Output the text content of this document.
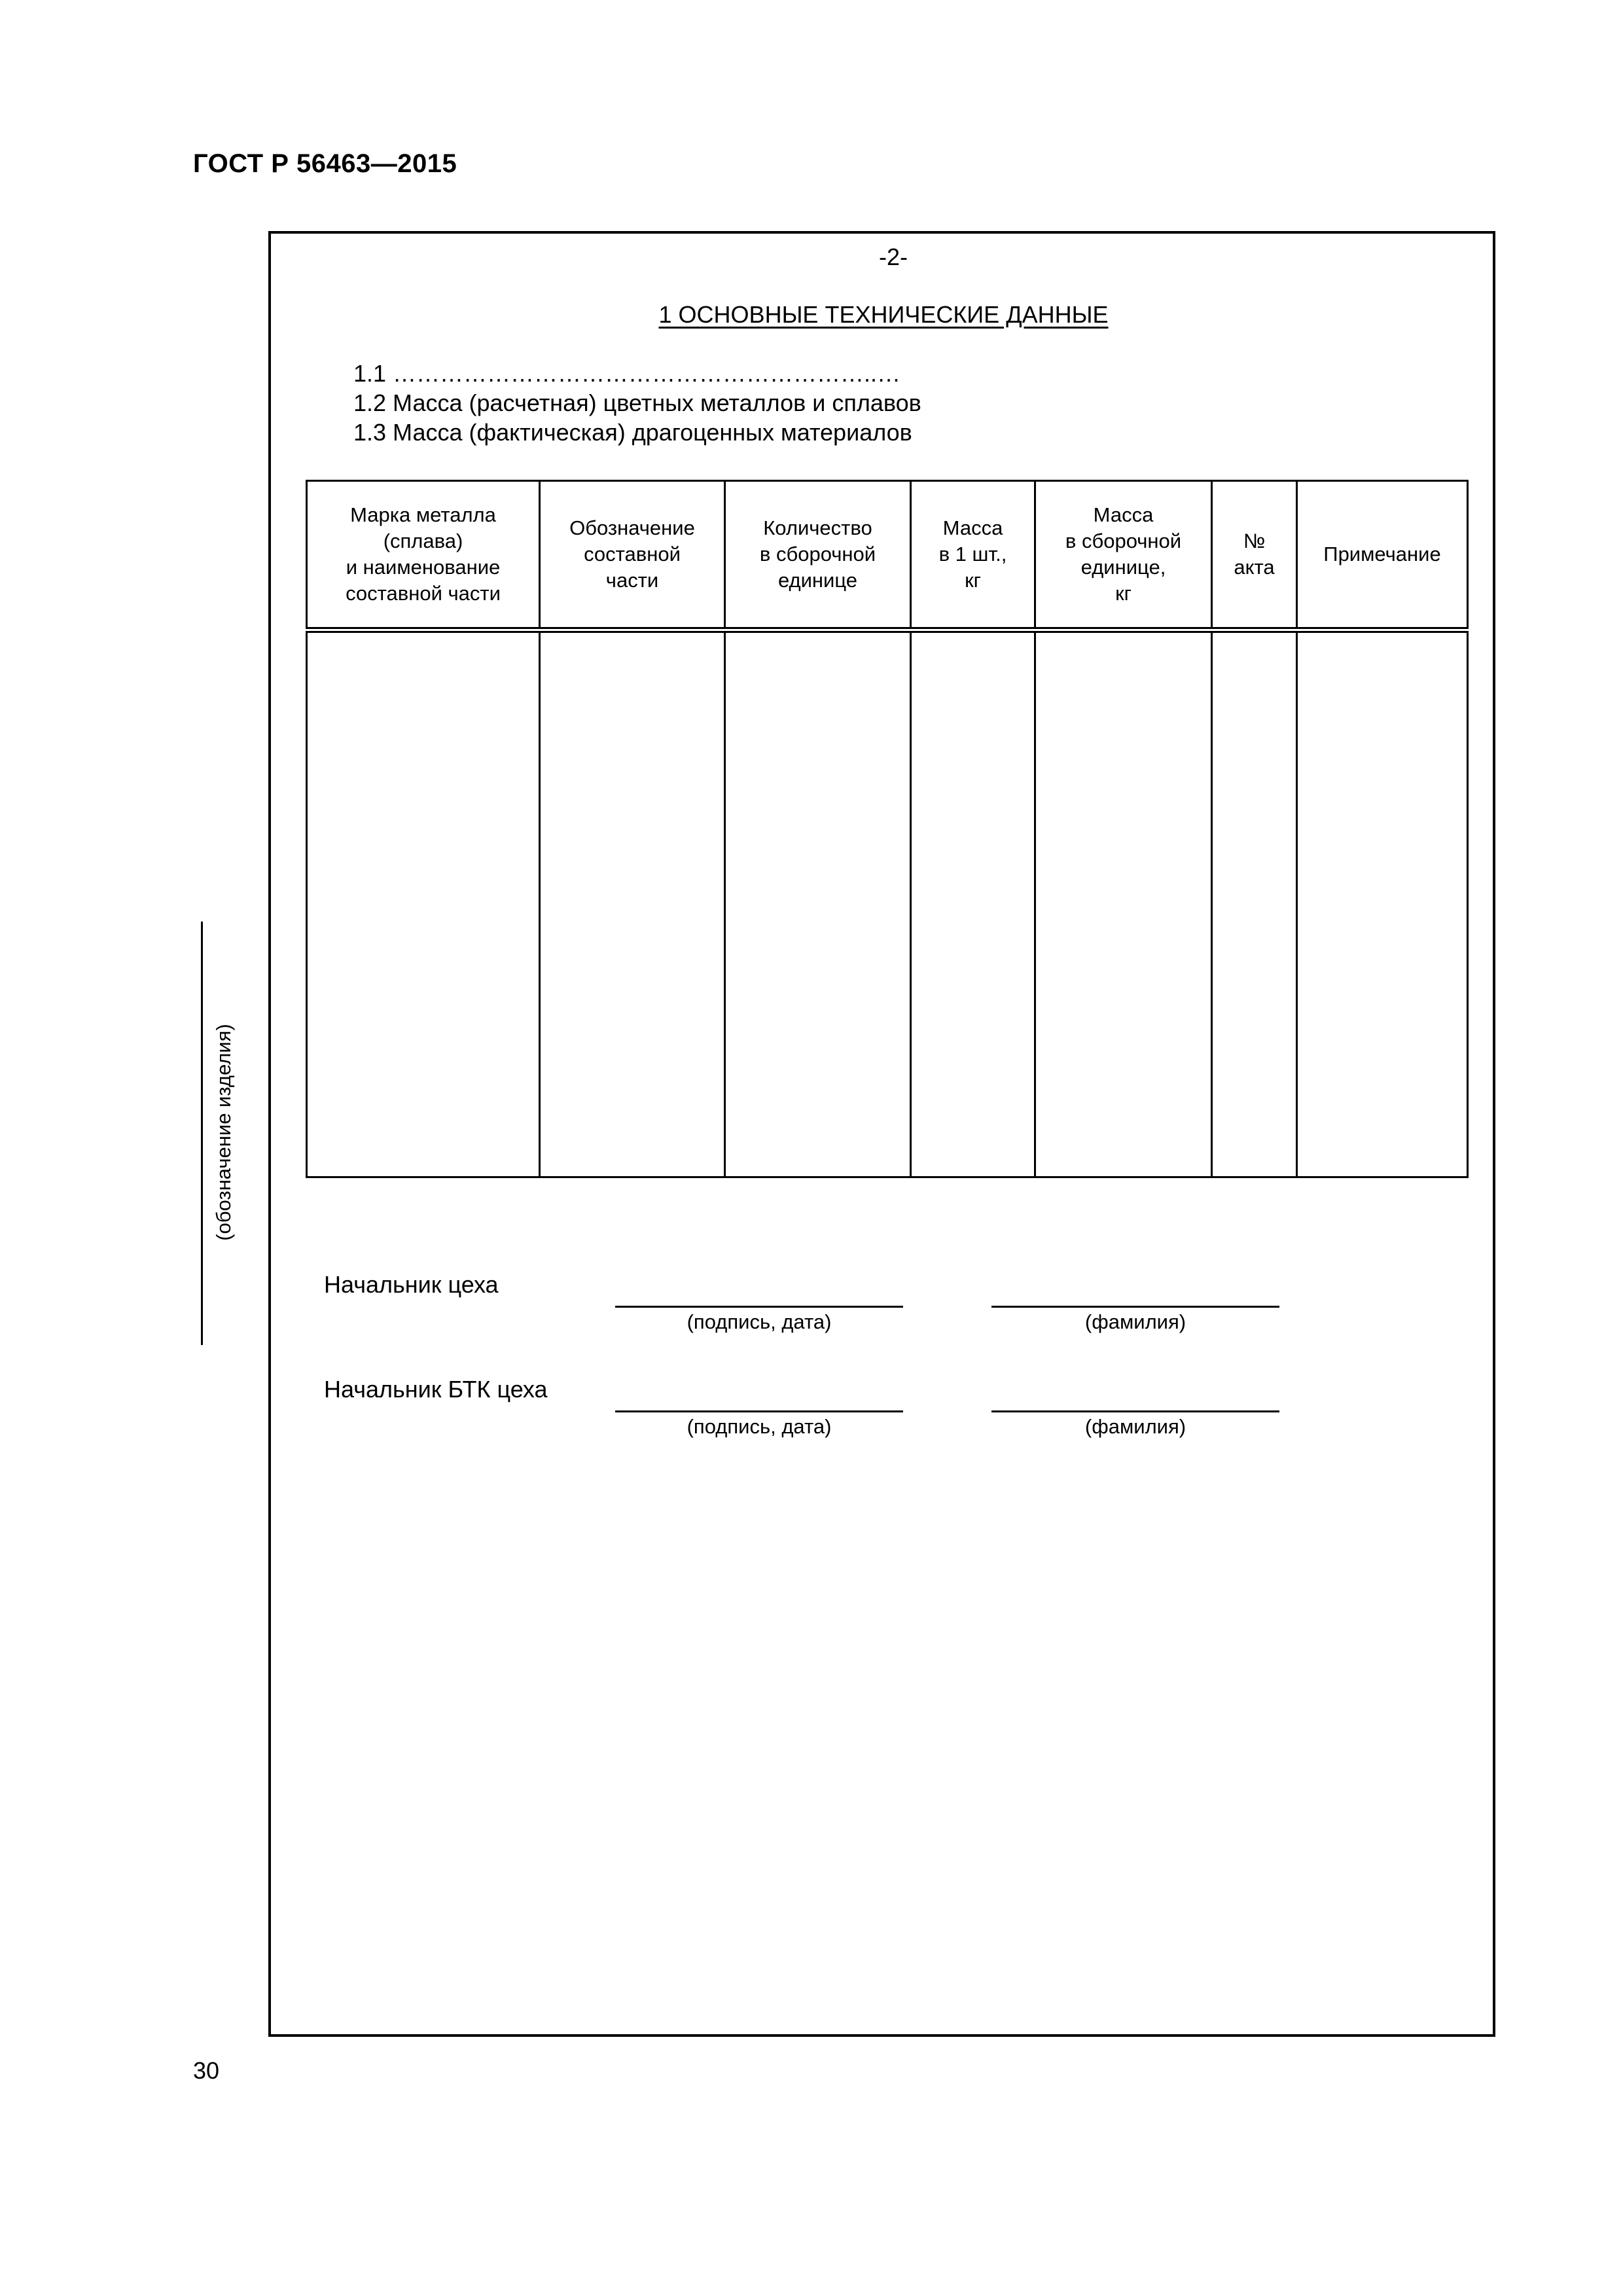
ГОСТ Р 56463—2015
(обозначение изделия)
-2-
1 ОСНОВНЫЕ ТЕХНИЧЕСКИЕ ДАННЫЕ
1.1 ……………………………………………………..…
1.2 Масса (расчетная) цветных металлов и сплавов
1.3 Масса (фактическая) драгоценных материалов
Марка металла
(сплава)
и наименование
составной части	Обозначение
составной
части	Количество
в сборочной
единице	Масса
в 1 шт.,
кг	Масса
в сборочной
единице,
кг	№
акта	Примечание

Начальник цеха
(подпись, дата)	(фамилия)
Начальник БТК цеха
(подпись, дата)	(фамилия)
30
